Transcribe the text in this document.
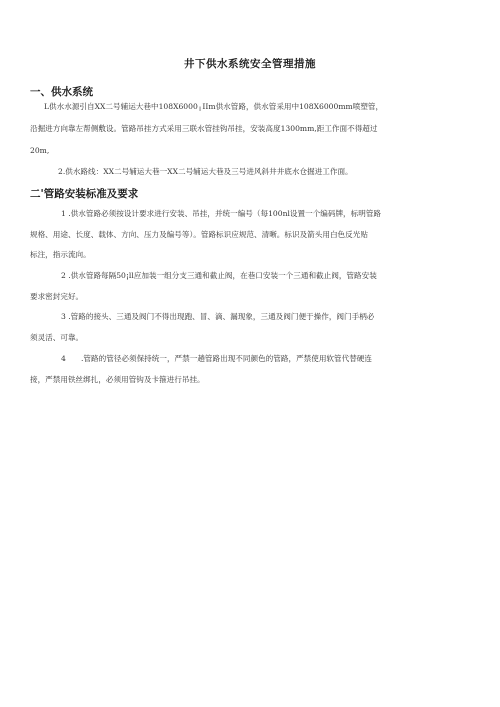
井下供水系统安全管理措施
一、供水系统
L供水水源引自XX二号辅运大巷中108X6000╷IIm供水管路，供水管采用中108X6000mm喷塑管，
沿掘进方向靠左帮侧敷设。管路吊挂方式采用三联水管挂钩吊挂，安装高度1300mm,距工作面不得超过
20m,
2.供水路线：XX二号辅运大巷一XX二号辅运大巷及三号进风斜井井底水仓掘进工作面。
二'管路安装标准及要求
1 .供水管路必须按设计要求进行安装、吊挂，并统一编号（每100nl设置一个编码牌，标明管路
规格、用途、长度、载体、方向、压力及编号等）。管路标识应规范、清晰。标识及箭头用白色反光贴
标注，指示流向。
2 .供水管路每隔50¡ll应加装一组分支三通和截止阀，在巷口安装一个三通和截止阀，管路安装
要求密封完好。
3 .管路的接头、三通及阀门不得出现跑、冒、滴、漏现象，三通及阀门便于操作，阀门手柄必
须灵活、可靠。
4　　.管路的管径必须保持统一，严禁一趟管路出现不同颜色的管路，严禁使用软管代替硬连
接，严禁用铁丝绑扎，必须用管钩及卡箍进行吊挂。
